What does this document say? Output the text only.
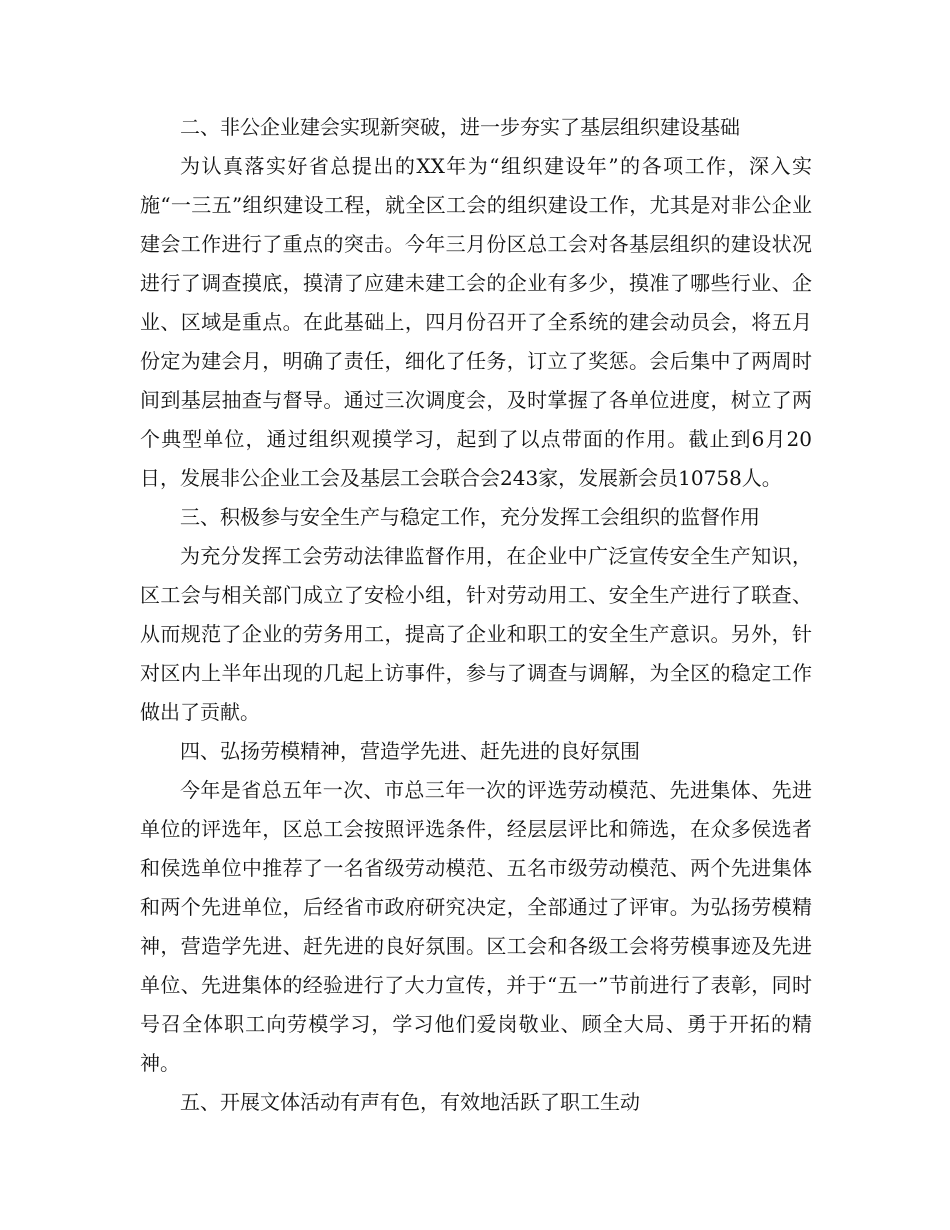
二、非公企业建会实现新突破，进一步夯实了基层组织建设基础

为认真落实好省总提出的XX年为“组织建设年”的各项工作，深入实施“一三五”组织建设工程，就全区工会的组织建设工作，尤其是对非公企业建会工作进行了重点的突击。今年三月份区总工会对各基层组织的建设状况进行了调查摸底，摸清了应建未建工会的企业有多少，摸准了哪些行业、企业、区域是重点。在此基础上，四月份召开了全系统的建会动员会，将五月份定为建会月，明确了责任，细化了任务，订立了奖惩。会后集中了两周时间到基层抽查与督导。通过三次调度会，及时掌握了各单位进度，树立了两个典型单位，通过组织观摸学习，起到了以点带面的作用。截止到6月20日，发展非公企业工会及基层工会联合会243家，发展新会员10758人。

三、积极参与安全生产与稳定工作，充分发挥工会组织的监督作用

为充分发挥工会劳动法律监督作用，在企业中广泛宣传安全生产知识，区工会与相关部门成立了安检小组，针对劳动用工、安全生产进行了联查、从而规范了企业的劳务用工，提高了企业和职工的安全生产意识。另外，针对区内上半年出现的几起上访事件，参与了调查与调解，为全区的稳定工作做出了贡献。

四、弘扬劳模精神，营造学先进、赶先进的良好氛围

今年是省总五年一次、市总三年一次的评选劳动模范、先进集体、先进单位的评选年，区总工会按照评选条件，经层层评比和筛选，在众多侯选者和侯选单位中推荐了一名省级劳动模范、五名市级劳动模范、两个先进集体和两个先进单位，后经省市政府研究决定，全部通过了评审。为弘扬劳模精神，营造学先进、赶先进的良好氛围。区工会和各级工会将劳模事迹及先进单位、先进集体的经验进行了大力宣传，并于“五一”节前进行了表彰，同时号召全体职工向劳模学习，学习他们爱岗敬业、顾全大局、勇于开拓的精神。

五、开展文体活动有声有色，有效地活跃了职工生动
